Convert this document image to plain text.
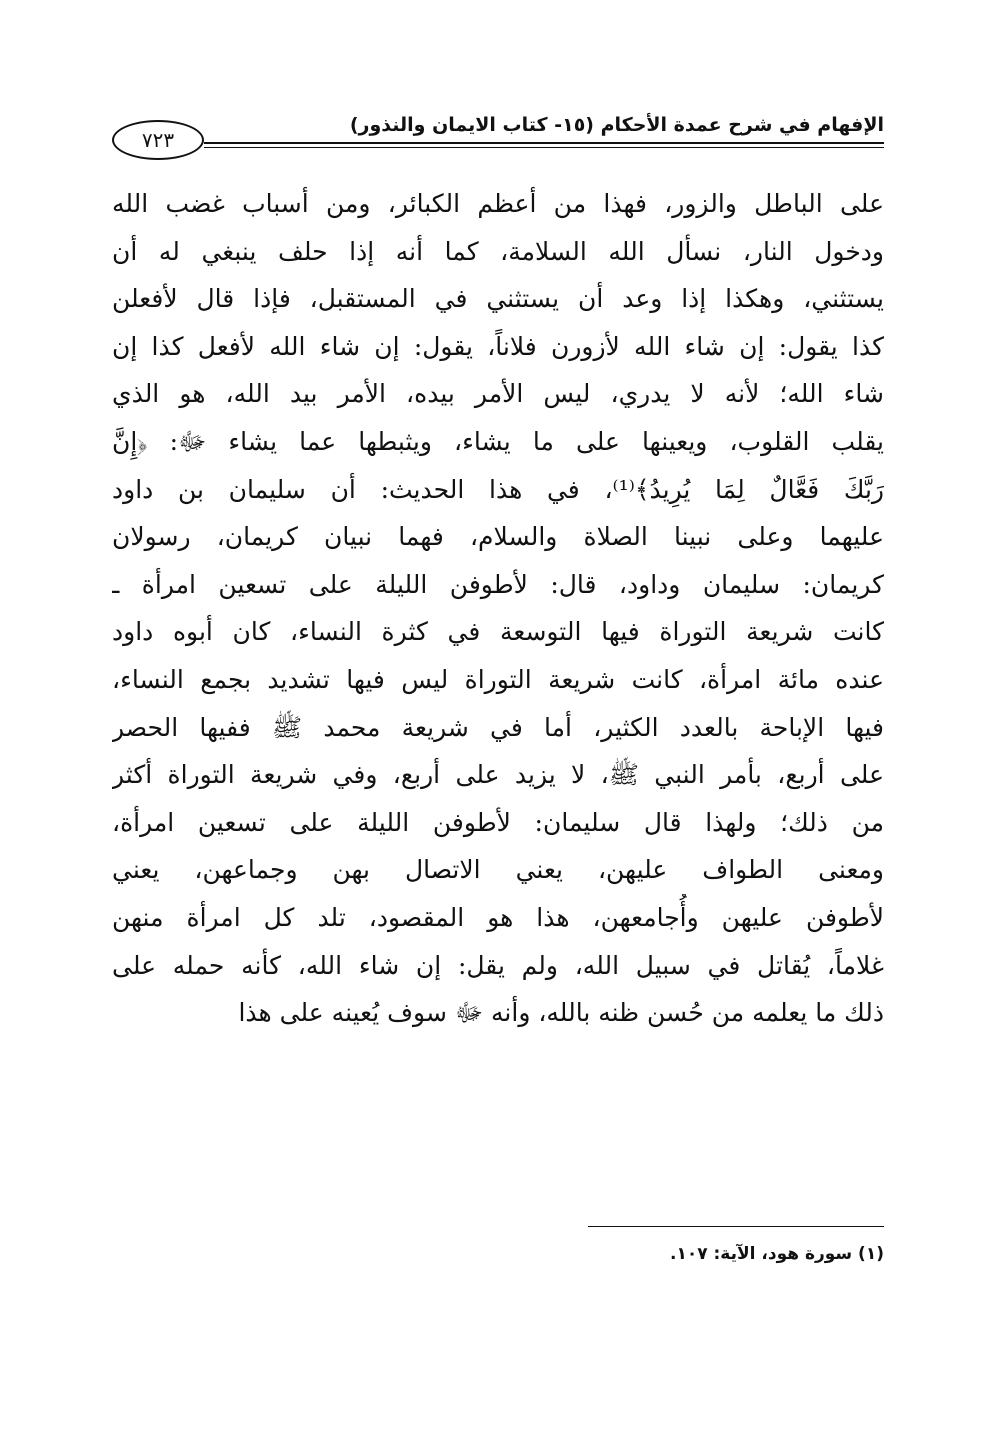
الإفهام في شرح عمدة الأحكام (١٥- كتاب الايمان والنذور)
٧٢٣
على الباطل والزور، فهذا من أعظم الكبائر، ومن أسباب غضب الله
ودخول النار، نسأل الله السلامة، كما أنه إذا حلف ينبغي له أن
يستثني، وهكذا إذا وعد أن يستثني في المستقبل، فإذا قال لأفعلن
كذا يقول: إن شاء الله لأزورن فلاناً، يقول: إن شاء الله لأفعل كذا إن
شاء الله؛ لأنه لا يدري، ليس الأمر بيده، الأمر بيد الله، هو الذي
يقلب القلوب، ويعينها على ما يشاء، ويثبطها عما يشاء ﷻ: ﴿إِنَّ
رَبَّكَ فَعَّالٌ لِمَا يُرِيدُ﴾⁽¹⁾، في هذا الحديث: أن سليمان بن داود
عليهما وعلى نبينا الصلاة والسلام، فهما نبيان كريمان، رسولان
كريمان: سليمان وداود، قال: لأطوفن الليلة على تسعين امرأة ـ
كانت شريعة التوراة فيها التوسعة في كثرة النساء، كان أبوه داود
عنده مائة امرأة، كانت شريعة التوراة ليس فيها تشديد بجمع النساء،
فيها الإباحة بالعدد الكثير، أما في شريعة محمد ﷺ ففيها الحصر
على أربع، بأمر النبي ﷺ، لا يزيد على أربع، وفي شريعة التوراة أكثر
من ذلك؛ ولهذا قال سليمان: لأطوفن الليلة على تسعين امرأة،
ومعنى الطواف عليهن، يعني الاتصال بهن وجماعهن، يعني
لأطوفن عليهن وأُجامعهن، هذا هو المقصود، تلد كل امرأة منهن
غلاماً، يُقاتل في سبيل الله، ولم يقل: إن شاء الله، كأنه حمله على
ذلك ما يعلمه من حُسن ظنه بالله، وأنه ﷻ سوف يُعينه على هذا
(١) سورة هود، الآية: ١٠٧.
